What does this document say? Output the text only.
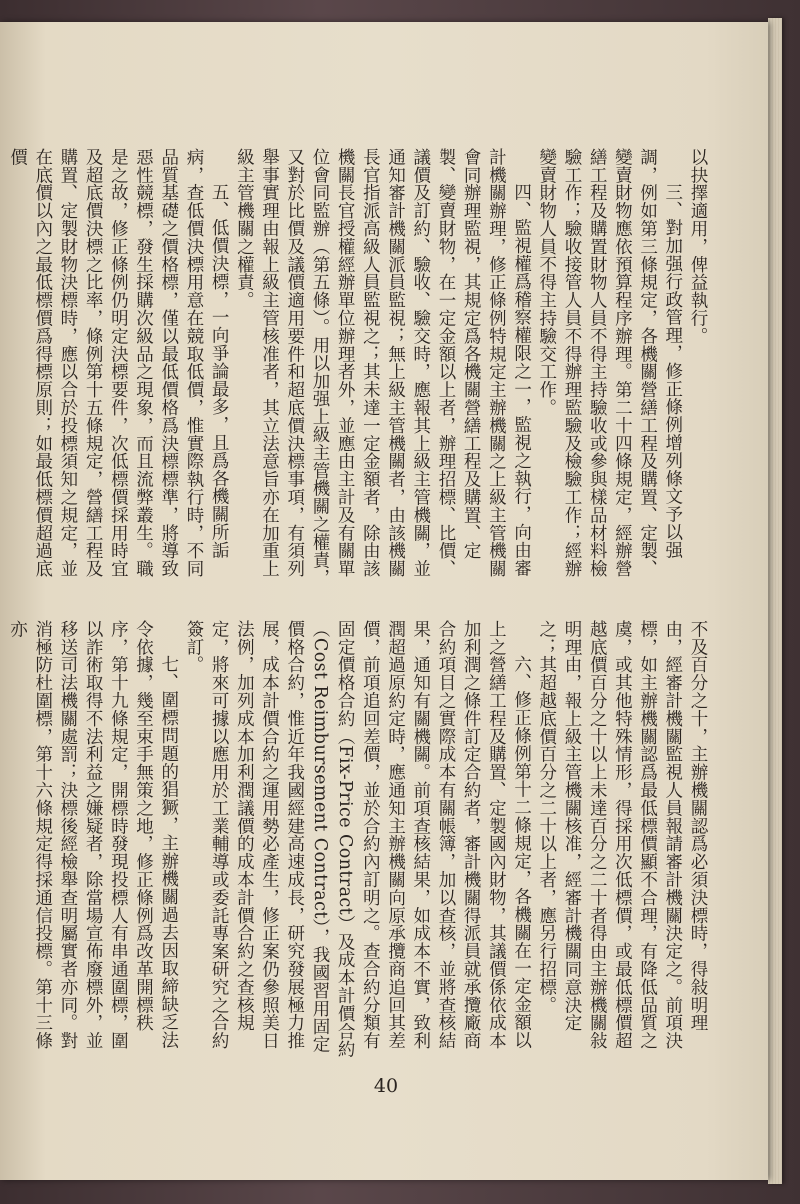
以抉擇適用，俾益執行。

三、對加强行政管理，修正條例增列條文予以强調，例如第三條規定，各機關營繕工程及購置、定製、變賣財物應依預算程序辦理。第二十四條規定，經辦營繕工程及購置財物人員不得主持驗收或參與樣品材料檢驗工作；驗收接管人員不得辦理監驗及檢驗工作；經辦變賣財物人員不得主持驗交工作。

四、監視權爲稽察權限之一，監視之執行，向由審計機關辦理，修正條例特規定主辦機關之上級主管機關會同辦理監視，其規定爲各機關營繕工程及購置、定製、變賣財物，在一定金額以上者，辦理招標、比價、議價及訂約、驗收、驗交時，應報其上級主管機關，並通知審計機關派員監視；無上級主管機關者，由該機關長官指派高級人員監視之；其未達一定金額者，除由該機關長官授權經辦單位辦理者外，並應由主計及有關單位會同監辦（第五條）。用以加强上級主管機關之權責，又對於比價及議價適用要件和超底價決標事項，有須列舉事實理由報上級主管核准者，其立法意旨亦在加重上級主管機關之權責。

五、低價決標，一向爭論最多，且爲各機關所詬病，查低價決標用意在競取低價，惟實際執行時，不同品質基礎之價格標，僅以最低價格爲決標標準，將導致惡性競標，發生採購次級品之現象，而且流弊叢生。職是之故，修正條例仍明定決標要件，次低標價採用時宜及超底價決標之比率，條例第十五條規定，營繕工程及購置、定製財物決標時，應以合於投標須知之規定，並在底價以內之最低標價爲得標原則；如最低標價超過底價

不及百分之十，主辦機關認爲必須決標時，得敍明理由，經審計機關監視人員報請審計機關決定之。前項決標，如主辦機關認爲最低標價顯不合理，有降低品質之虞，或其他特殊情形，得採用次低標價，或最低標價超越底價百分之十以上未達百分之二十者得由主辦機關敍明理由，報上級主管機關核准，經審計機關同意決定之；其超越底價百分之二十以上者，應另行招標。

六、修正條例第十二條規定，各機關在一定金額以上之營繕工程及購置、定製國內財物，其議價係依成本加利潤之條件訂定合約者，審計機關得派員就承攬廠商合約項目之實際成本有關帳簿，加以查核，並將查核結果，通知有關機關。前項查核結果，如成本不實，致利潤超過原約定時，應通知主辦機關向原承攬商追回其差價，前項追回差價，並於合約內訂明之。查合約分類有固定價格合約（Fix-Price Contract）及成本計價合約（Cost Reimbursement Contract），我國習用固定價格合約，惟近年我國經建高速成長，研究發展極力推展，成本計價合約之運用勢必產生，修正案仍參照美日法例，加列成本加利潤議價的成本計價合約之查核規定，將來可據以應用於工業輔導或委託專案研究之合約簽訂。

七、圍標問題的猖獗，主辦機關過去因取締缺乏法令依據，幾至束手無策之地，修正條例爲改革開標秩序，第十九條規定，開標時發現投標人有串通圍標，圍以詐術取得不法利益之嫌疑者，除當場宣佈廢標外，並移送司法機關處罰；決標後經檢舉查明屬實者亦同。對消極防杜圍標，第十六條規定得採通信投標。第十三條亦

40
